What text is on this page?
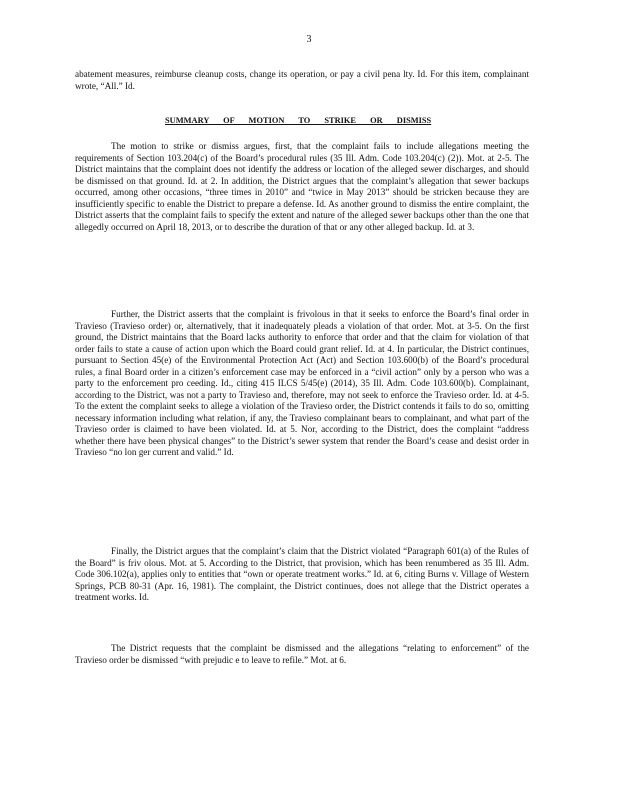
3

abatement measures, reimburse cleanup costs, change its operation, or pay a civil pena lty. Id. For this item, complainant wrote, “All.” Id.

SUMMARY OF MOTION TO STRIKE OR DISMISS

The motion to strike or dismiss argues, first, that the complaint fails to include allegations meeting the requirements of Section 103.204(c) of the Board’s procedural rules (35 Ill. Adm. Code 103.204(c) (2)). Mot. at 2-5. The District maintains that the complaint does not identify the address or location of the alleged sewer discharges, and should be dismissed on that ground. Id. at 2. In addition, the District argues that the complaint’s allegation that sewer backups occurred, among other occasions, “three times in 2010” and “twice in May 2013” should be stricken because they are insufficiently specific to enable the District to prepare a defense. Id. As another ground to dismiss the entire complaint, the District asserts that the complaint fails to specify the extent and nature of the alleged sewer backups other than the one that allegedly occurred on April 18, 2013, or to describe the duration of that or any other alleged backup. Id. at 3.

Further, the District asserts that the complaint is frivolous in that it seeks to enforce the Board’s final order in Travieso (Travieso order) or, alternatively, that it inadequately pleads a violation of that order. Mot. at 3-5. On the first ground, the District maintains that the Board lacks authority to enforce that order and that the claim for violation of that order fails to state a cause of action upon which the Board could grant relief. Id. at 4. In particular, the District continues, pursuant to Section 45(e) of the Environmental Protection Act (Act) and Section 103.600(b) of the Board’s procedural rules, a final Board order in a citizen’s enforcement case may be enforced in a “civil action” only by a person who was a party to the enforcement pro ceeding. Id., citing 415 ILCS 5/45(e) (2014), 35 Ill. Adm. Code 103.600(b). Complainant, according to the District, was not a party to Travieso and, therefore, may not seek to enforce the Travieso order. Id. at 4-5. To the extent the complaint seeks to allege a violation of the Travieso order, the District contends it fails to do so, omitting necessary information including what relation, if any, the Travieso complainant bears to complainant, and what part of the Travieso order is claimed to have been violated. Id. at 5. Nor, according to the District, does the complaint “address whether there have been physical changes” to the District’s sewer system that render the Board’s cease and desist order in Travieso “no lon ger current and valid.” Id.

Finally, the District argues that the complaint’s claim that the District violated “Paragraph 601(a) of the Rules of the Board” is friv olous. Mot. at 5. According to the District, that provision, which has been renumbered as 35 Ill. Adm. Code 306.102(a), applies only to entities that “own or operate treatment works.” Id. at 6, citing Burns v. Village of Western Springs, PCB 80-31 (Apr. 16, 1981). The complaint, the District continues, does not allege that the District operates a treatment works. Id.

The District requests that the complaint be dismissed and the allegations “relating to enforcement” of the Travieso order be dismissed “with prejudic e to leave to refile.” Mot. at 6.
